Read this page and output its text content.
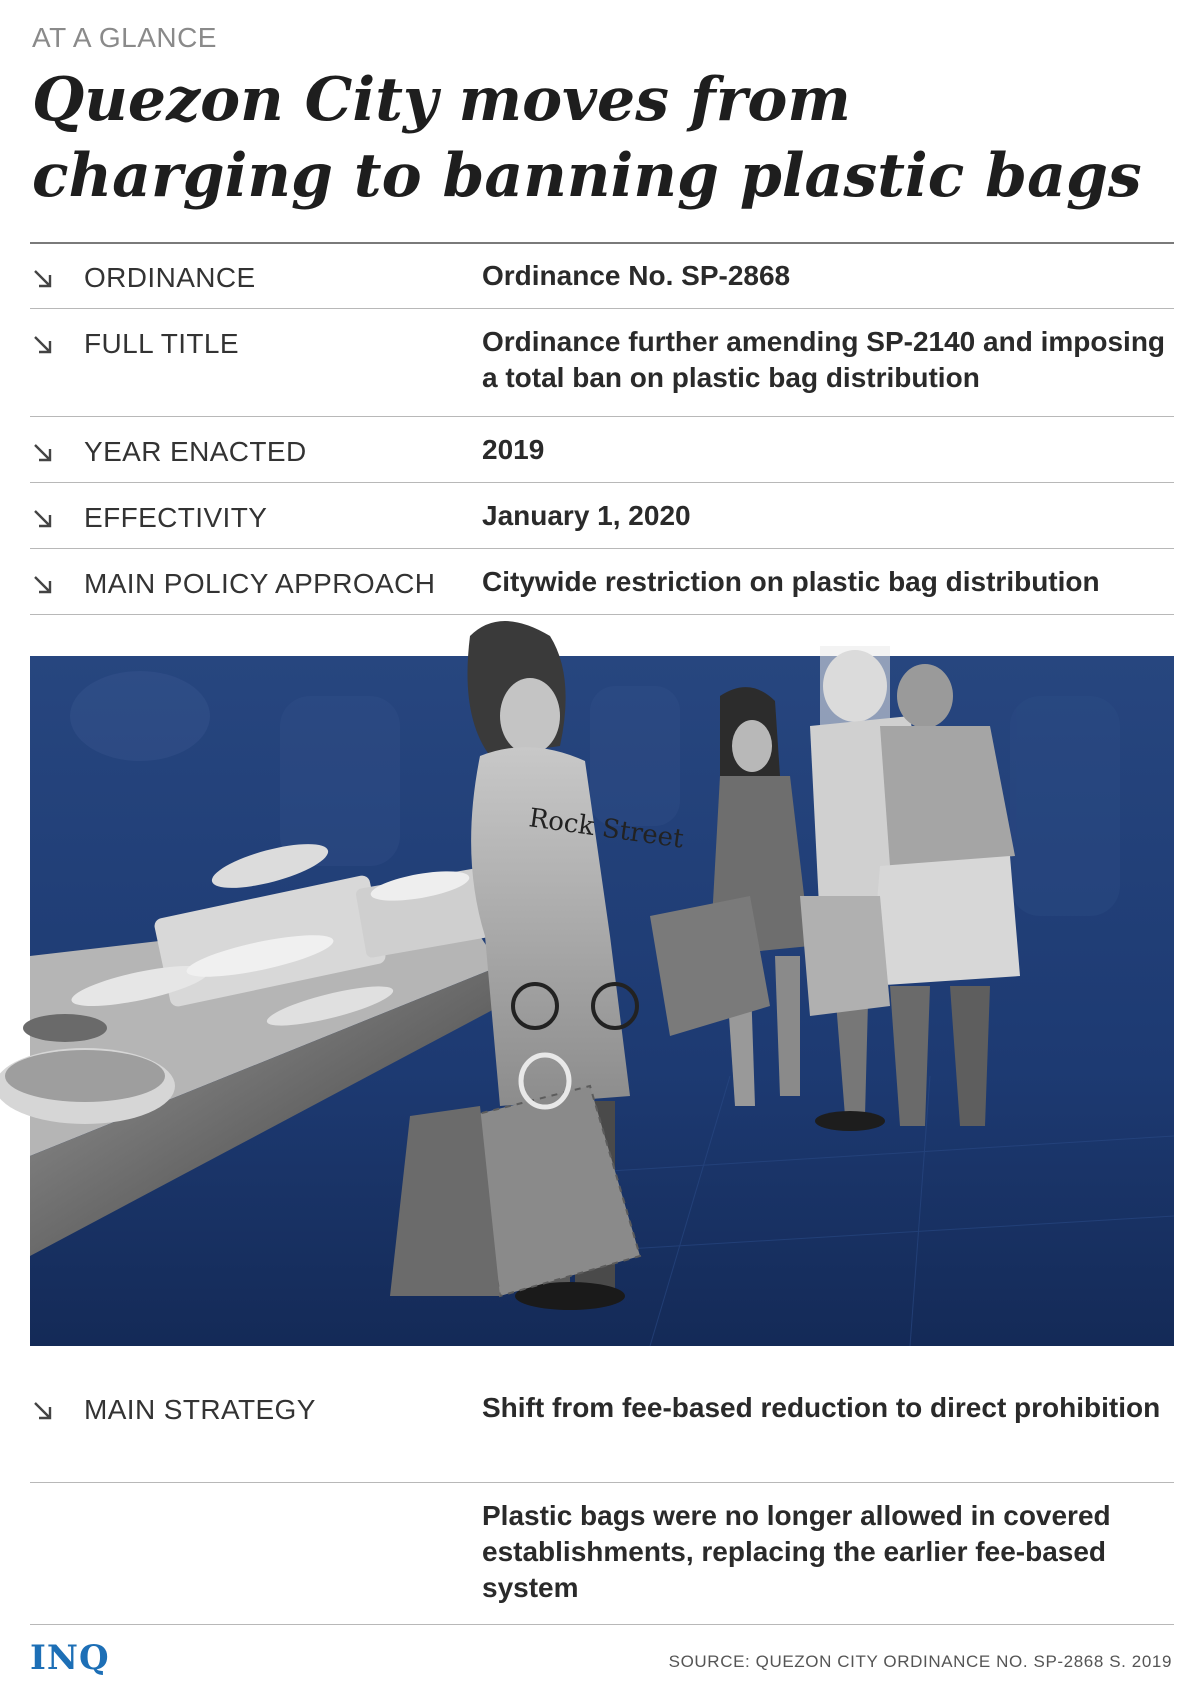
AT A GLANCE
Quezon City moves from charging to banning plastic bags
ORDINANCE	Ordinance No. SP-2868
FULL TITLE	Ordinance further amending SP-2140 and imposing a total ban on plastic bag distribution
YEAR ENACTED	2019
EFFECTIVITY	January 1, 2020
MAIN POLICY APPROACH Citywide restriction on plastic bag distribution
Rock Street
MAIN STRATEGY	Shift from fee-based reduction to direct prohibition
Plastic bags were no longer allowed in covered establishments, replacing the earlier fee-based system
INQ	SOURCE: QUEZON CITY ORDINANCE NO. SP-2868 S. 2019
